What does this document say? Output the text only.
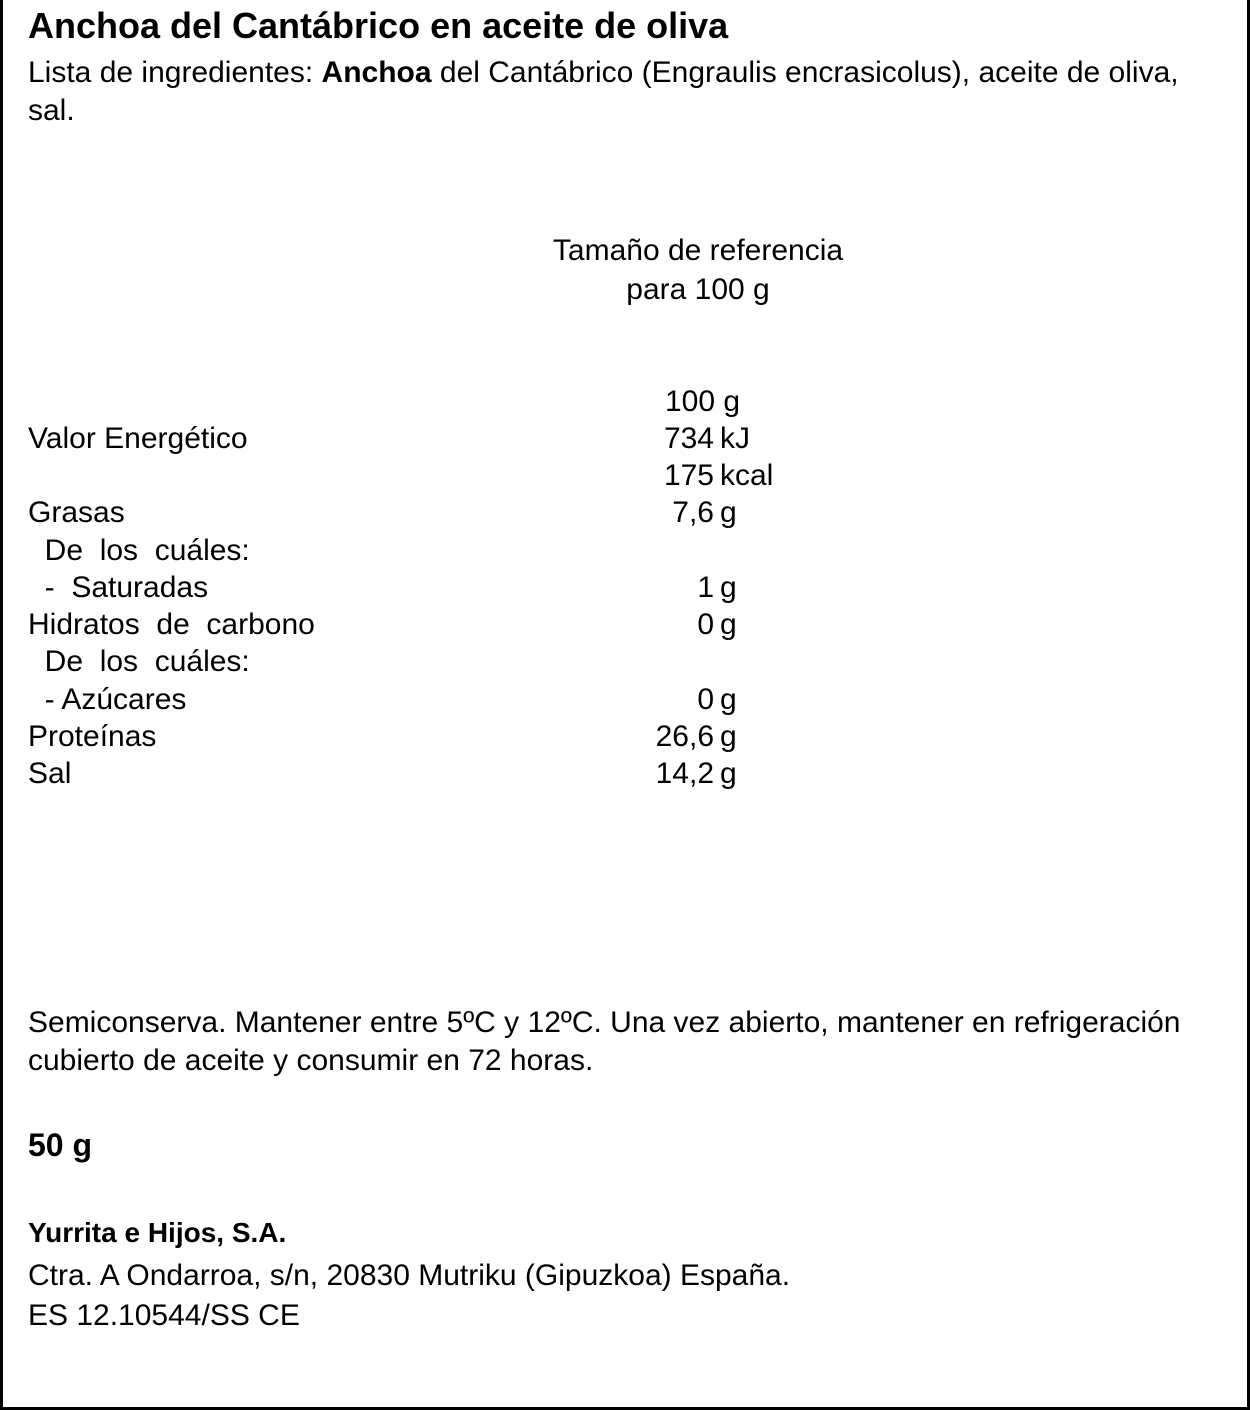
Anchoa del Cantábrico en aceite de oliva
Lista de ingredientes: Anchoa del Cantábrico (Engraulis encrasicolus), aceite de oliva, sal.
Tamaño de referencia
para 100 g
100 g
Valor Energético	734 kJ
175 kcal
Grasas	7,6 g
De  los  cuáles:
-  Saturadas	1 g
Hidratos  de  carbono	0 g
De  los  cuáles:
- Azúcares	0 g
Proteínas	26,6 g
Sal	14,2 g
Semiconserva. Mantener entre 5ºC y 12ºC. Una vez abierto, mantener en refrigeración cubierto de aceite y consumir en 72 horas.
50 g
Yurrita e Hijos, S.A.
Ctra. A Ondarroa, s/n, 20830 Mutriku (Gipuzkoa) España.
ES 12.10544/SS CE
